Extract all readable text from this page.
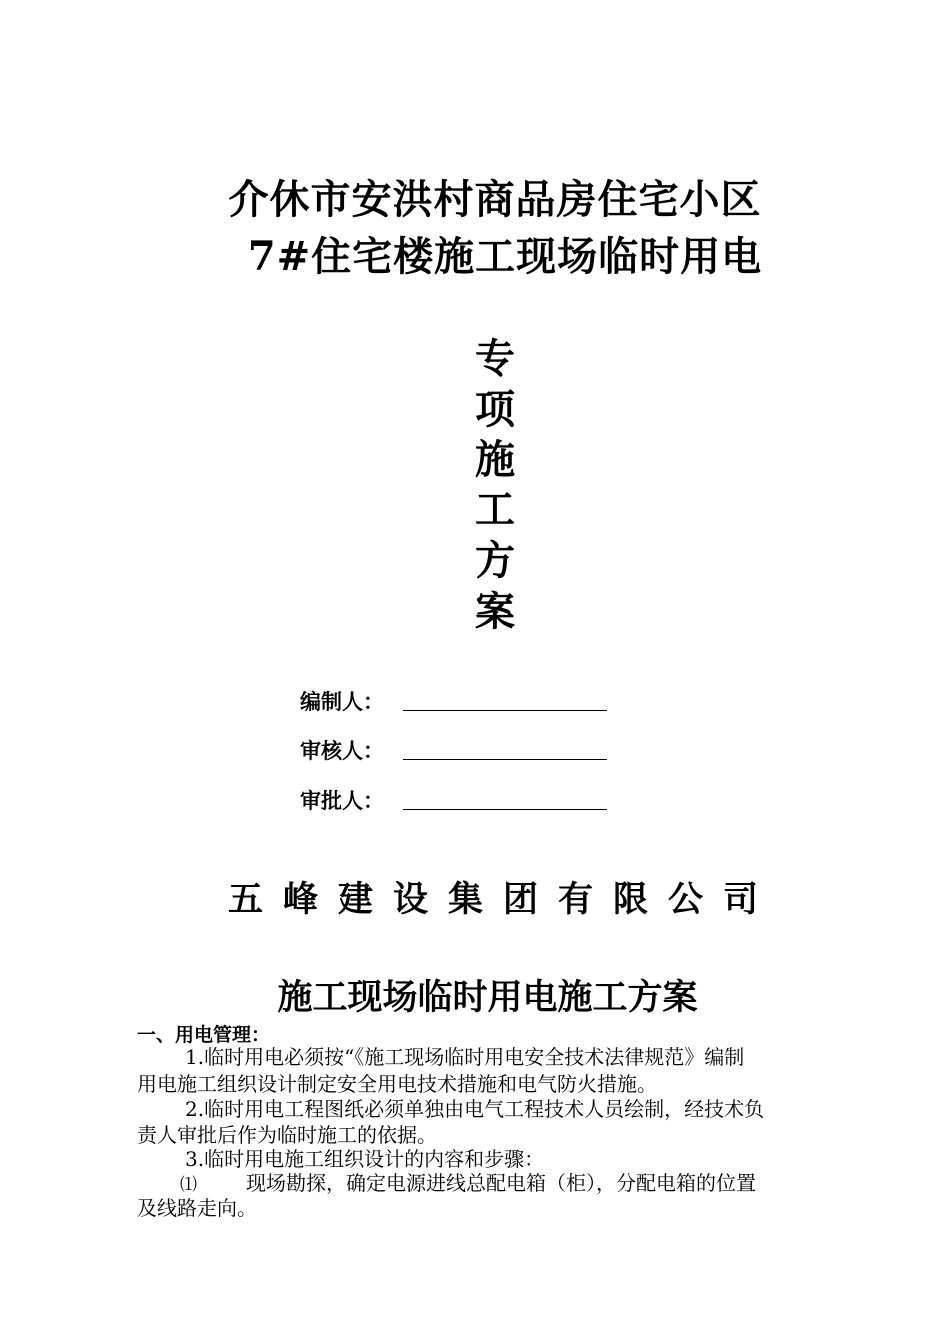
介休市安洪村商品房住宅小区
7#住宅楼施工现场临时用电
专
项
施
工
方
案
编制人：
审核人：
审批人：
五峰建设集团有限公司
施工现场临时用电施工方案
一、用电管理：
1.临时用电必须按“《施工现场临时用电安全技术法律规范》编制
用电施工组织设计制定安全用电技术措施和电气防火措施。
2.临时用电工程图纸必须单独由电气工程技术人员绘制，经技术负
责人审批后作为临时施工的依据。
3.临时用电施工组织设计的内容和步骤：
⑴ 现场勘探，确定电源进线总配电箱（柜），分配电箱的位置
及线路走向。
